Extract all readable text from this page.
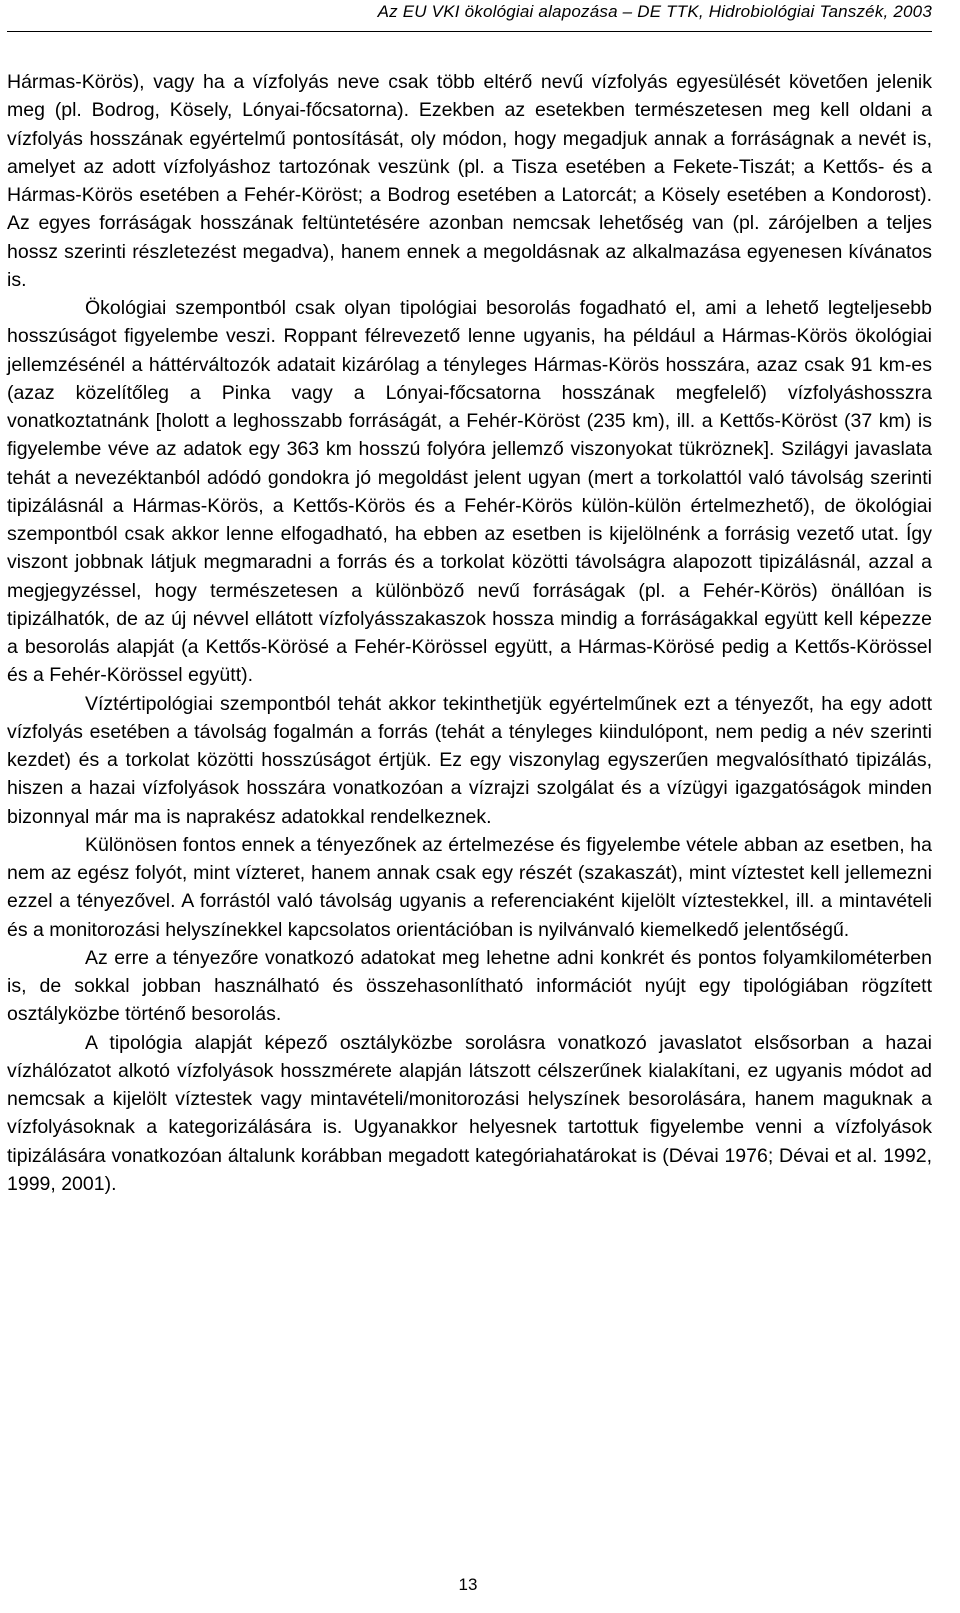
Az EU VKI ökológiai alapozása – DE TTK, Hidrobiológiai Tanszék, 2003

Hármas-Körös), vagy ha a vízfolyás neve csak több eltérő nevű vízfolyás egyesülését követően jelenik meg (pl. Bodrog, Kösely, Lónyai-főcsatorna). Ezekben az esetekben természetesen meg kell oldani a vízfolyás hosszának egyértelmű pontosítását, oly módon, hogy megadjuk annak a forráságnak a nevét is, amelyet az adott vízfolyáshoz tartozónak veszünk (pl. a Tisza esetében a Fekete-Tiszát; a Kettős- és a Hármas-Körös esetében a Fehér-Köröst; a Bodrog esetében a Latorcát; a Kösely esetében a Kondorost). Az egyes forráságak hosszának feltüntetésére azonban nemcsak lehetőség van (pl. zárójelben a teljes hossz szerinti részletezést megadva), hanem ennek a megoldásnak az alkalmazása egyenesen kívánatos is.

Ökológiai szempontból csak olyan tipológiai besorolás fogadható el, ami a lehető legteljesebb hosszúságot figyelembe veszi. Roppant félrevezető lenne ugyanis, ha például a Hármas-Körös ökológiai jellemzésénél a háttérváltozók adatait kizárólag a tényleges Hármas-Körös hosszára, azaz csak 91 km-es (azaz közelítőleg a Pinka vagy a Lónyai-főcsatorna hosszának megfelelő) vízfolyáshosszra vonatkoztatnánk [holott a leghosszabb forráságát, a Fehér-Köröst (235 km), ill. a Kettős-Köröst (37 km) is figyelembe véve az adatok egy 363 km hosszú folyóra jellemző viszonyokat tükröznek]. Szilágyi javaslata tehát a nevezéktanból adódó gondokra jó megoldást jelent ugyan (mert a torkolattól való távolság szerinti tipizálásnál a Hármas-Körös, a Kettős-Körös és a Fehér-Körös külön-külön értelmezhető), de ökológiai szempontból csak akkor lenne elfogadható, ha ebben az esetben is kijelölnénk a forrásig vezető utat. Így viszont jobbnak látjuk megmaradni a forrás és a torkolat közötti távolságra alapozott tipizálásnál, azzal a megjegyzéssel, hogy természetesen a különböző nevű forráságak (pl. a Fehér-Körös) önállóan is tipizálhatók, de az új névvel ellátott vízfolyásszakaszok hossza mindig a forráságakkal együtt kell képezze a besorolás alapját (a Kettős-Körösé a Fehér-Körössel együtt, a Hármas-Körösé pedig a Kettős-Körössel és a Fehér-Körössel együtt).

Víztértipológiai szempontból tehát akkor tekinthetjük egyértelműnek ezt a tényezőt, ha egy adott vízfolyás esetében a távolság fogalmán a forrás (tehát a tényleges kiindulópont, nem pedig a név szerinti kezdet) és a torkolat közötti hosszúságot értjük. Ez egy viszonylag egyszerűen megvalósítható tipizálás, hiszen a hazai vízfolyások hosszára vonatkozóan a vízrajzi szolgálat és a vízügyi igazgatóságok minden bizonnyal már ma is naprakész adatokkal rendelkeznek.

Különösen fontos ennek a tényezőnek az értelmezése és figyelembe vétele abban az esetben, ha nem az egész folyót, mint vízteret, hanem annak csak egy részét (szakaszát), mint víztestet kell jellemezni ezzel a tényezővel. A forrástól való távolság ugyanis a referenciaként kijelölt víztestekkel, ill. a mintavételi és a monitorozási helyszínekkel kapcsolatos orientációban is nyilvánvaló kiemelkedő jelentőségű.

Az erre a tényezőre vonatkozó adatokat meg lehetne adni konkrét és pontos folyamkilométerben is, de sokkal jobban használható és összehasonlítható információt nyújt egy tipológiában rögzített osztályközbe történő besorolás.

A tipológia alapját képező osztályközbe sorolásra vonatkozó javaslatot elsősorban a hazai vízhálózatot alkotó vízfolyások hosszmérete alapján látszott célszerűnek kialakítani, ez ugyanis módot ad nemcsak a kijelölt víztestek vagy mintavételi/monitorozási helyszínek besorolására, hanem maguknak a vízfolyásoknak a kategorizálására is. Ugyanakkor helyesnek tartottuk figyelembe venni a vízfolyások tipizálására vonatkozóan általunk korábban megadott kategóriahatárokat is (Dévai 1976; Dévai et al. 1992, 1999, 2001).

13
